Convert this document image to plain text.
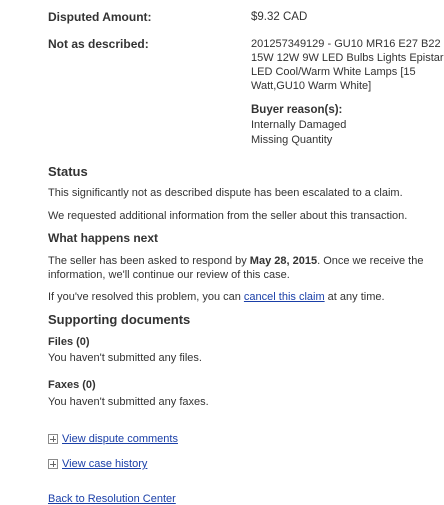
Disputed Amount:	$9.32 CAD
Not as described:	201257349129 - GU10 MR16 E27 B22 15W 12W 9W LED Bulbs Lights Epistar LED Cool/Warm White Lamps [15 Watt,GU10 Warm White]
Buyer reason(s):
Internally Damaged
Missing Quantity
Status
This significantly not as described dispute has been escalated to a claim.
We requested additional information from the seller about this transaction.
What happens next
The seller has been asked to respond by May 28, 2015. Once we receive the information, we'll continue our review of this case.
If you've resolved this problem, you can cancel this claim at any time.
Supporting documents
Files (0)
You haven't submitted any files.
Faxes (0)
You haven't submitted any faxes.
View dispute comments
View case history
Back to Resolution Center
